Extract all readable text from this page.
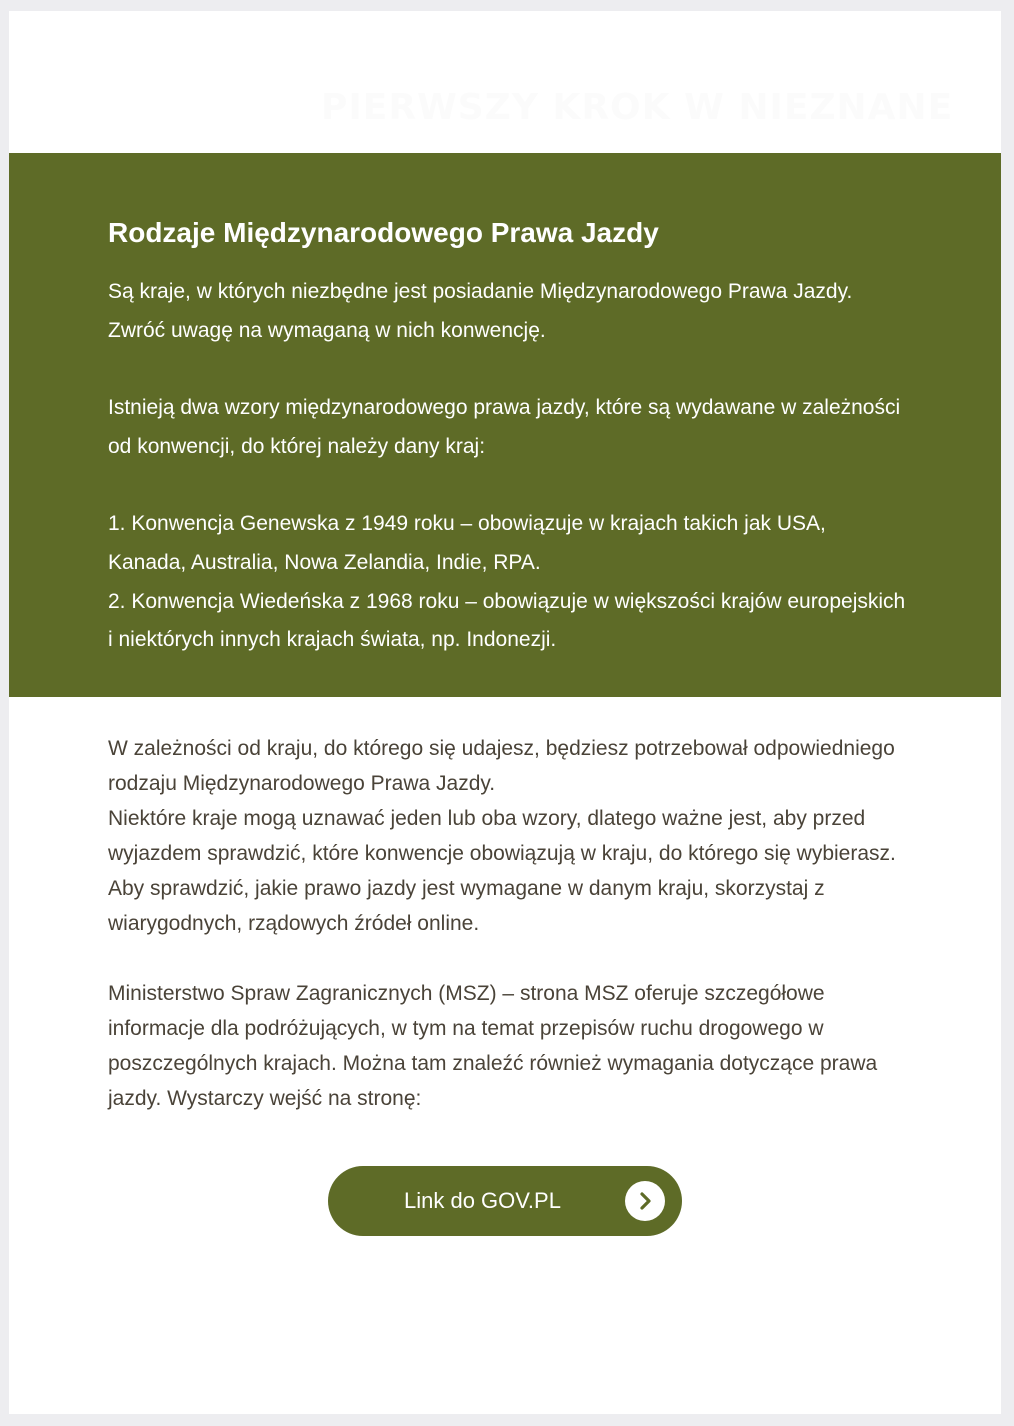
PIERWSZY KROK W NIEZNANE
Rodzaje Międzynarodowego Prawa Jazdy

Są kraje, w których niezbędne jest posiadanie Międzynarodowego Prawa Jazdy. Zwróć uwagę na wymaganą w nich konwencję.

Istnieją dwa wzory międzynarodowego prawa jazdy, które są wydawane w zależności od konwencji, do której należy dany kraj:

1. Konwencja Genewska z 1949 roku – obowiązuje w krajach takich jak USA, Kanada, Australia, Nowa Zelandia, Indie, RPA.
2. Konwencja Wiedeńska z 1968 roku – obowiązuje w większości krajów europejskich i niektórych innych krajach świata, np. Indonezji.

W zależności od kraju, do którego się udajesz, będziesz potrzebował odpowiedniego rodzaju Międzynarodowego Prawa Jazdy.

Niektóre kraje mogą uznawać jeden lub oba wzory, dlatego ważne jest, aby przed wyjazdem sprawdzić, które konwencje obowiązują w kraju, do którego się wybierasz. Aby sprawdzić, jakie prawo jazdy jest wymagane w danym kraju, skorzystaj z wiarygodnych, rządowych źródeł online.

Ministerstwo Spraw Zagranicznych (MSZ) – strona MSZ oferuje szczegółowe informacje dla podróżujących, w tym na temat przepisów ruchu drogowego w poszczególnych krajach. Można tam znaleźć również wymagania dotyczące prawa jazdy. Wystarczy wejść na stronę:

Link do GOV.PL
